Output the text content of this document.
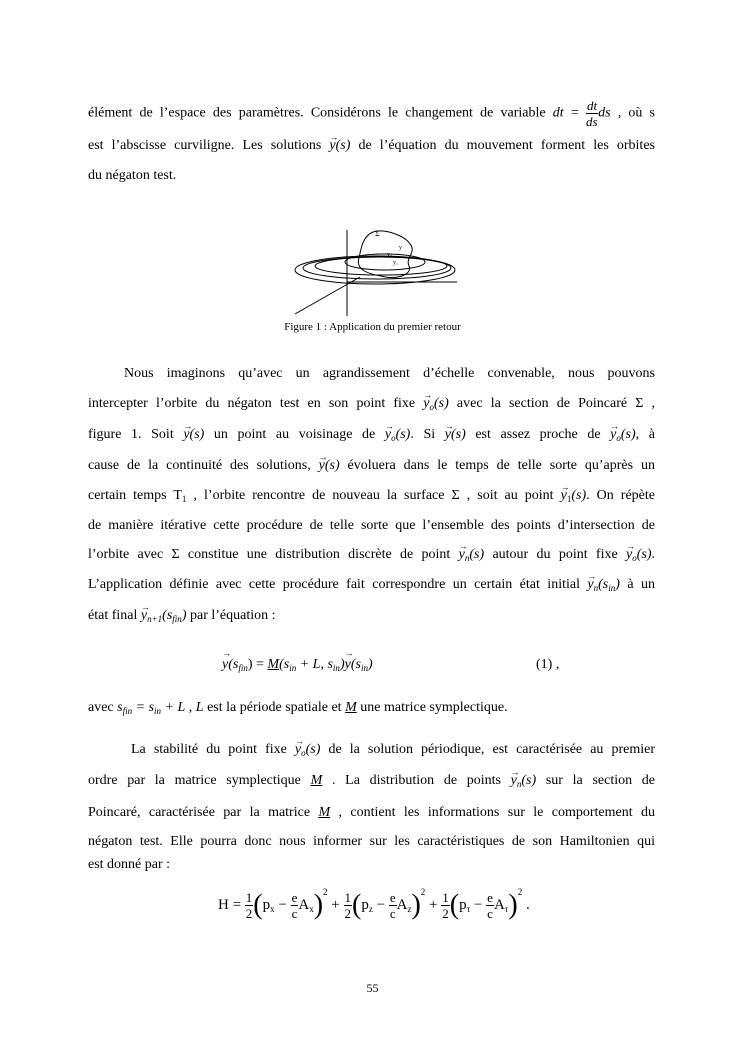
élément de l’espace des paramètres. Considérons le changement de variable dt = $\frac{dt}{ds}$ ds , où s
est l’abscisse curviligne. Les solutions → y(s) de l’équation du mouvement forment les orbites
du négaton test.
Σ
y
y₀
y₁
Figure 1 : Application du premier retour
Nous imaginons qu’avec un agrandissement d’échelle convenable, nous pouvons
intercepter l’orbite du négaton test en son point fixe → $y_o(s)$ avec la section de Poincaré Σ ,
figure 1. Soit → y(s) un point au voisinage de → $y_o(s)$. Si → y(s) est assez proche de → $y_o(s)$, à
cause de la continuité des solutions, → y(s) évoluera dans le temps de telle sorte qu’après un
certain temps $T_1$ , l’orbite rencontre de nouveau la surface Σ , soit au point → $y_1(s)$. On répète
de manière itérative cette procédure de telle sorte que l’ensemble des points d’intersection de
l’orbite avec Σ constitue une distribution discrète de point → $y_n(s)$ autour du point fixe → $y_o(s)$.
L’application définie avec cette procédure fait correspondre un certain état initial → $y_n(s_{in})$ à un
état final → $y_{n+1}(s_{fin})$ par l’équation :
→ $y(s_{fin}) = M(s_{in} + L$, $s_{in})\to y(s_{in})$	(1) ,
avec $s_{fin} = s_{in} + L$ , L est la période spatiale et M une matrice symplectique.
La stabilité du point fixe → $y_o(s)$ de la solution périodique, est caractérisée au premier
ordre par la matrice symplectique M . La distribution de points → $y_n(s)$ sur la section de
Poincaré, caractérisée par la matrice M , contient les informations sur le comportement du
négaton test. Elle pourra donc nous informer sur les caractéristiques de son Hamiltonien qui
est donné par :
$H = \frac{1}{2} (p_x - \frac{e}{c} A_x)^2 + \frac{1}{2} (p_z - \frac{e}{c} A_z)^2 + \frac{1}{2} (p_\tau - \frac{e}{c} A_\tau)^2$ .
55
